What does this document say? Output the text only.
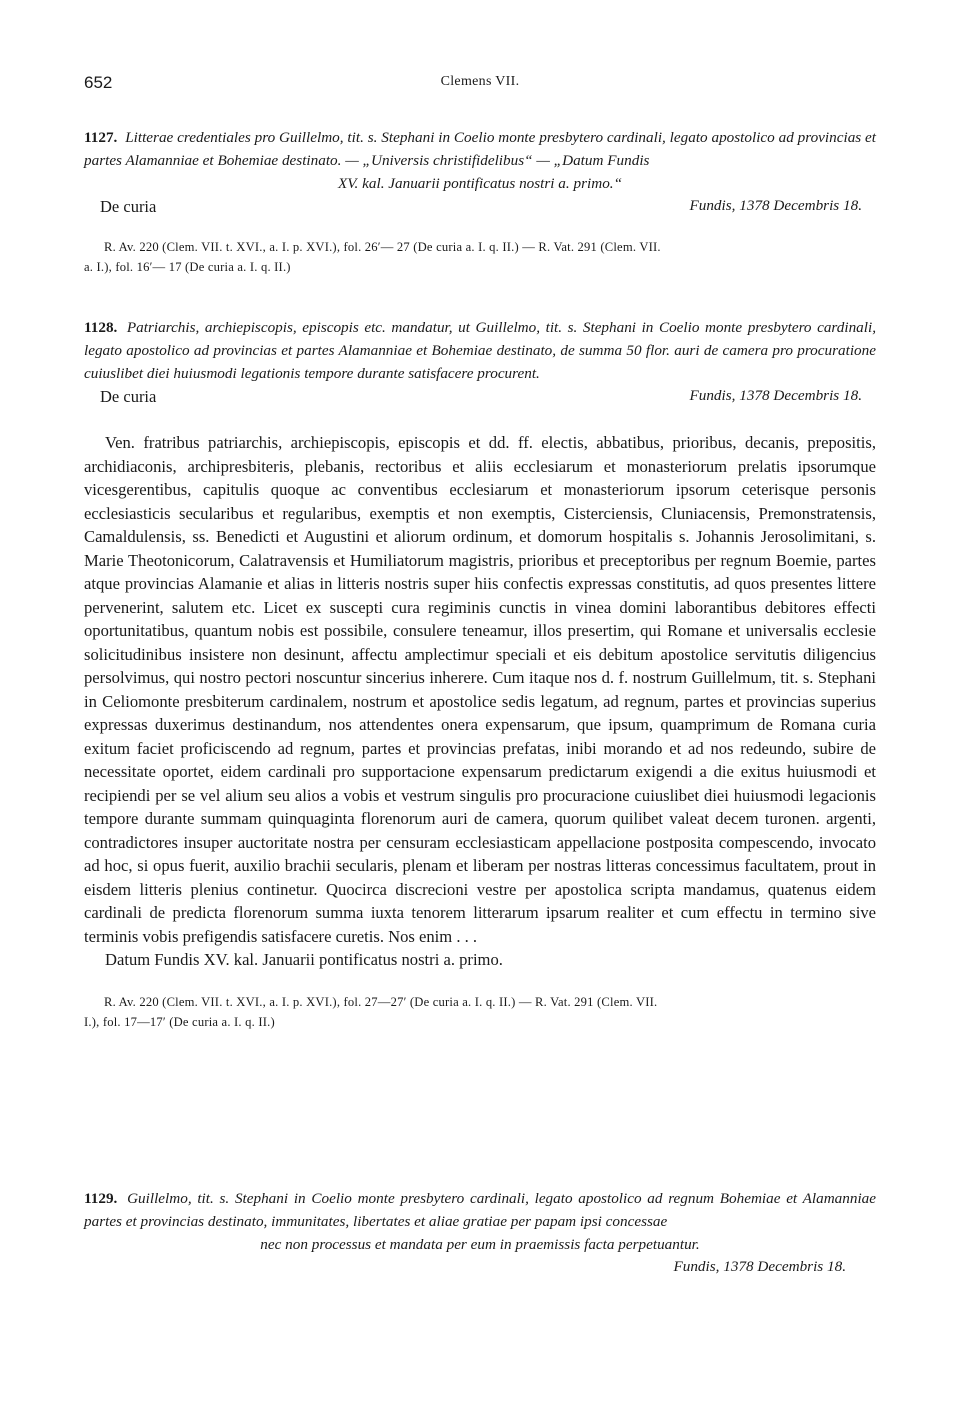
652	Clemens VII.
1127. Litterae credentiales pro Guillelmo, tit. s. Stephani in Coelio monte presbytero cardinali, legato apostolico ad provincias et partes Alamanniae et Bohemiae destinato. — „Universis christifidelibus“ — „Datum Fundis
XV. kal. Januarii pontificatus nostri a. primo.“
De curia	Fundis, 1378 Decembris 18.
R. Av. 220 (Clem. VII. t. XVI., a. I. p. XVI.), fol. 26′— 27 (De curia a. I. q. II.) — R. Vat. 291 (Clem. VII.
a. I.), fol. 16′— 17 (De curia a. I. q. II.)
1128. Patriarchis, archiepiscopis, episcopis etc. mandatur, ut Guillelmo, tit. s. Stephani in Coelio monte presbytero cardinali, legato apostolico ad provincias et partes Alamanniae et Bohemiae destinato, de summa 50 flor. auri de camera pro procuratione cuiuslibet diei huiusmodi legationis tempore durante satisfacere procurent.
De curia	Fundis, 1378 Decembris 18.

Ven. fratribus patriarchis, archiepiscopis, episcopis et dd. ff. electis, abbatibus, prioribus, decanis, prepositis, archidiaconis, archipresbiteris, plebanis, rectoribus et aliis ecclesiarum et monasteriorum prelatis ipsorumque vicesgerentibus, capitulis quoque ac conventibus ecclesiarum et monasteriorum ipsorum ceterisque personis ecclesiasticis secularibus et regularibus, exemptis et non exemptis, Cisterciensis, Cluniacensis, Premonstratensis, Camaldulensis, ss. Benedicti et Augustini et aliorum ordinum, et domorum hospitalis s. Johannis Jerosolimitani, s. Marie Theotonicorum, Calatravensis et Humiliatorum magistris, prioribus et preceptoribus per regnum Boemie, partes atque provincias Alamanie et alias in litteris nostris super hiis confectis expressas constitutis, ad quos presentes littere pervenerint, salutem etc. Licet ex suscepti cura regiminis cunctis in vinea domini laborantibus debitores effecti oportunitatibus, quantum nobis est possibile, consulere teneamur, illos presertim, qui Romane et universalis ecclesie solicitudinibus insistere non desinunt, affectu amplectimur speciali et eis debitum apostolice servitutis diligencius persolvimus, qui nostro pectori noscuntur sincerius inherere. Cum itaque nos d. f. nostrum Guillelmum, tit. s. Stephani in Celiomonte presbiterum cardinalem, nostrum et apostolice sedis legatum, ad regnum, partes et provincias superius expressas duxerimus destinandum, nos attendentes onera expensarum, que ipsum, quamprimum de Romana curia exitum faciet proficiscendo ad regnum, partes et provincias prefatas, inibi morando et ad nos redeundo, subire de necessitate oportet, eidem cardinali pro supportacione expensarum predictarum exigendi a die exitus huiusmodi et recipiendi per se vel alium seu alios a vobis et vestrum singulis pro procuracione cuiuslibet diei huiusmodi legacionis tempore durante summam quinquaginta florenorum auri de camera, quorum quilibet valeat decem turonen. argenti, contradictores insuper auctoritate nostra per censuram ecclesiasticam appellacione postposita compescendo, invocato ad hoc, si opus fuerit, auxilio brachii secularis, plenam et liberam per nostras litteras concessimus facultatem, prout in eisdem litteris plenius continetur. Quocirca discrecioni vestre per apostolica scripta mandamus, quatenus eidem cardinali de predicta florenorum summa iuxta tenorem litterarum ipsarum realiter et cum effectu in termino sive terminis vobis prefigendis satisfacere curetis. Nos enim . . .

Datum Fundis XV. kal. Januarii pontificatus nostri a. primo.

R. Av. 220 (Clem. VII. t. XVI., a. I. p. XVI.), fol. 27—27′ (De curia a. I. q. II.) — R. Vat. 291 (Clem. VII.
I.), fol. 17—17′ (De curia a. I. q. II.)
1129. Guillelmo, tit. s. Stephani in Coelio monte presbytero cardinali, legato apostolico ad regnum Bohemiae et Alamanniae partes et provincias destinato, immunitates, libertates et aliae gratiae per papam ipsi concessae
nec non processus et mandata per eum in praemissis facta perpetuantur.
Fundis, 1378 Decembris 18.
